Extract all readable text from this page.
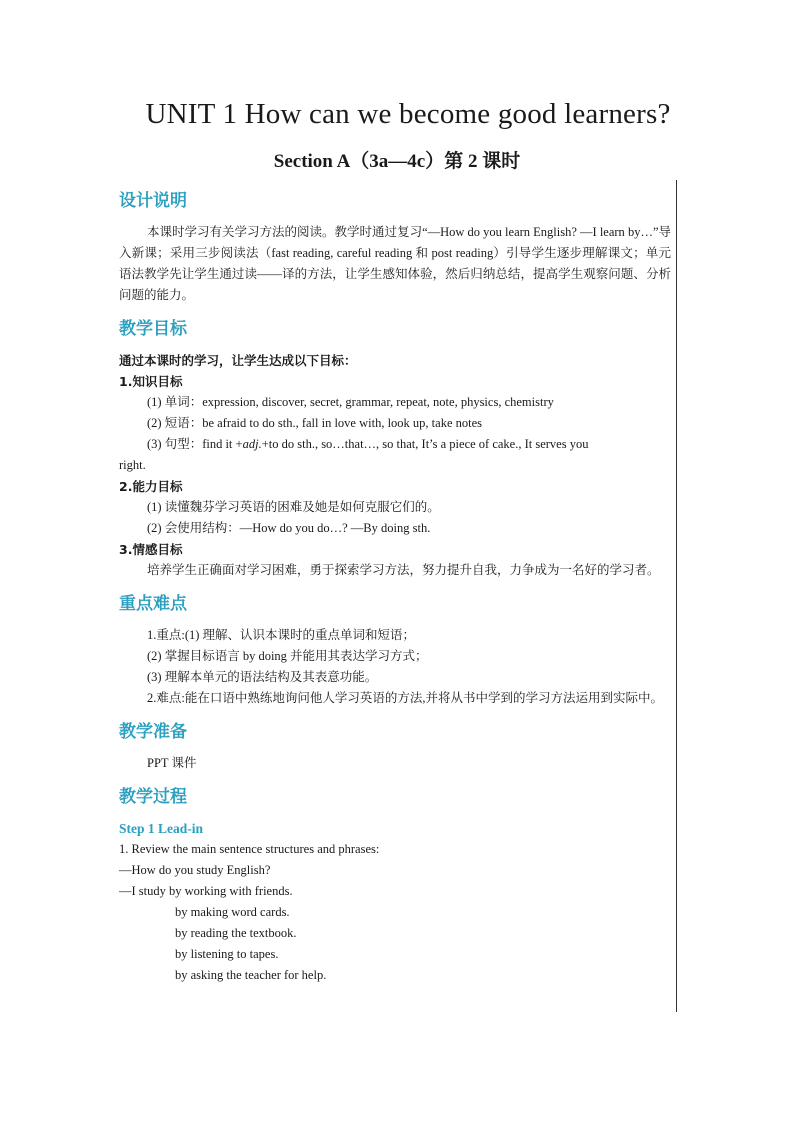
UNIT 1 How can we become good learners?
Section A（3a—4c）第 2 课时
设计说明

本课时学习有关学习方法的阅读。教学时通过复习“—How do you learn English? —I learn by…”导入新课；采用三步阅读法（fast reading, careful reading 和 post reading）引导学生逐步理解课文；单元语法教学先让学生通过读——译的方法，让学生感知体验，然后归纳总结，提高学生观察问题、分析问题的能力。

教学目标

通过本课时的学习，让学生达成以下目标：

1.知识目标

(1) 单词：expression, discover, secret, grammar, repeat, note, physics, chemistry

(2) 短语：be afraid to do sth., fall in love with, look up, take notes

(3) 句型：find it +adj.+to do sth., so…that…, so that, It’s a piece of cake., It serves you

right.

2.能力目标

(1) 读懂魏芬学习英语的困难及她是如何克服它们的。

(2) 会使用结构：—How do you do…? —By doing sth.

3.情感目标

培养学生正确面对学习困难，勇于探索学习方法，努力提升自我，力争成为一名好的学习者。

重点难点

1.重点:(1) 理解、认识本课时的重点单词和短语；

(2) 掌握目标语言 by doing 并能用其表达学习方式；

(3) 理解本单元的语法结构及其表意功能。

2.难点:能在口语中熟练地询问他人学习英语的方法,并将从书中学到的学习方法运用到实际中。

教学准备

PPT 课件

教学过程

Step 1 Lead-in

1. Review the main sentence structures and phrases:

—How do you study English?

—I study by working with friends.

by making word cards.

by reading the textbook.

by listening to tapes.

by asking the teacher for help.
